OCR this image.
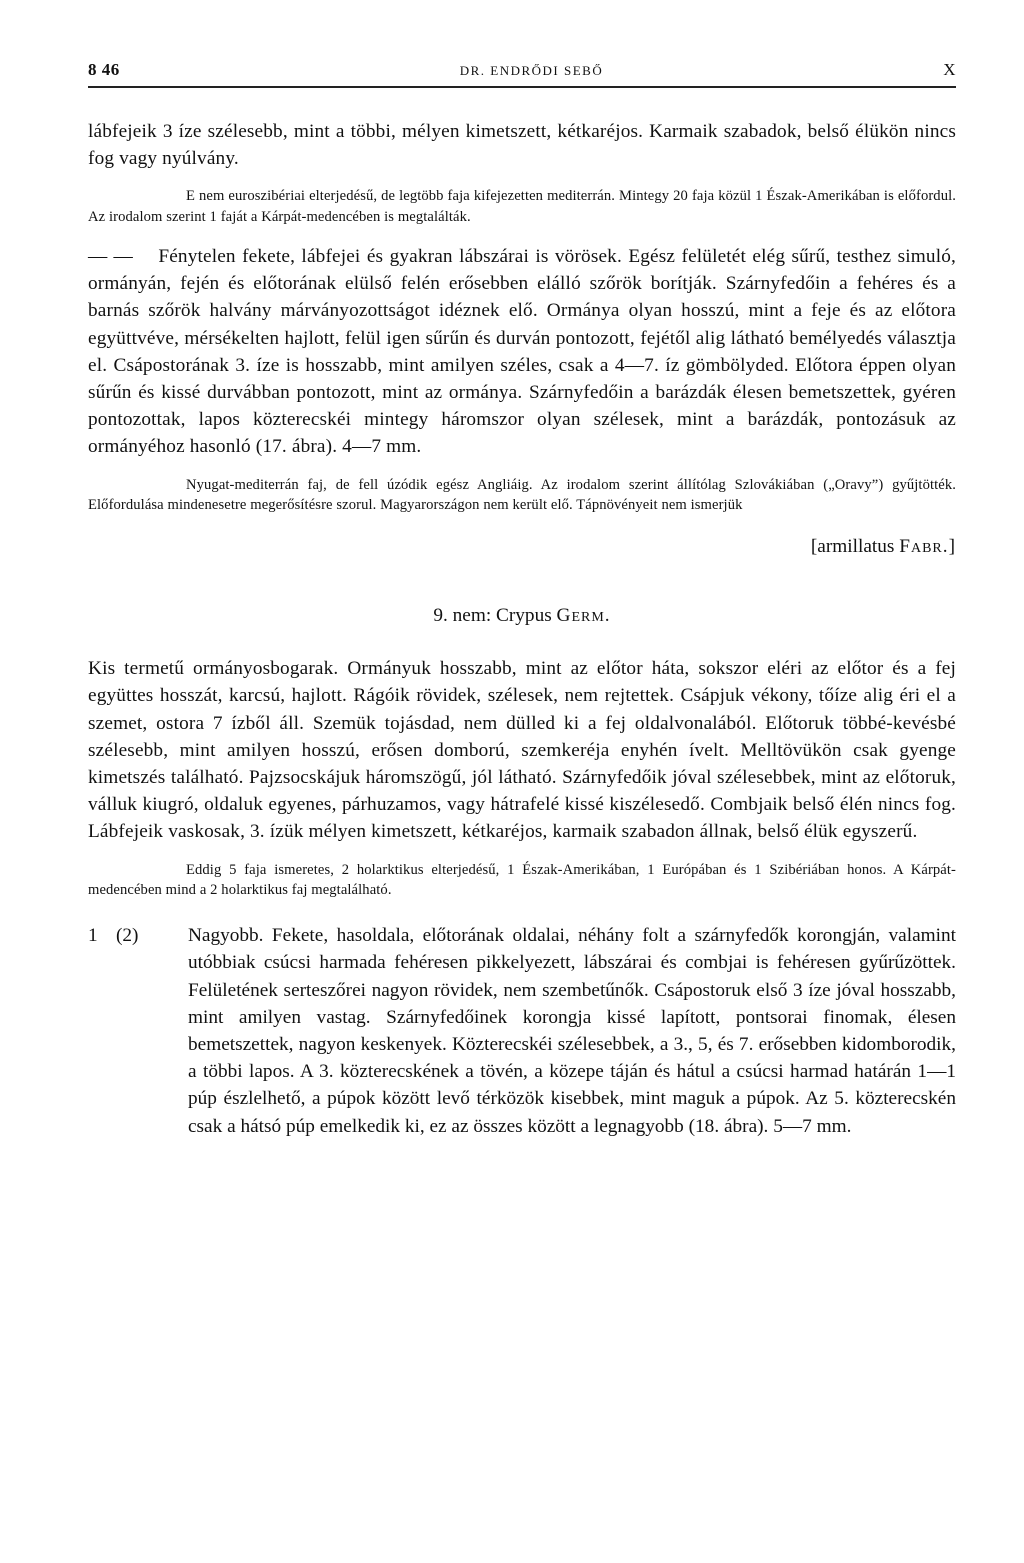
8 46	DR. ENDRŐDI SEBŐ	X

lábfejeik 3 íze szélesebb, mint a többi, mélyen kimetszett, kétkaréjos. Karmaik szabadok, belső élükön nincs fog vagy nyúlvány.

E nem euroszibériai elterjedésű, de legtöbb faja kifejezetten mediterrán. Mintegy 20 faja közül 1 Észak-Amerikában is előfordul. Az irodalom szerint 1 faját a Kárpát-medencében is megtalálták.

— — Fénytelen fekete, lábfejei és gyakran lábszárai is vörösek. Egész felületét elég sűrű, testhez simuló, ormányán, fején és előtorának elülső felén erősebben elálló szőrök borítják. Szárnyfedőin a fehéres és a barnás szőrök halvány márványozottságot idéznek elő. Ormánya olyan hosszú, mint a feje és az előtora együttvéve, mérsékelten hajlott, felül igen sűrűn és durván pontozott, fejétől alig látható bemélyedés választja el. Csápostorának 3. íze is hosszabb, mint amilyen széles, csak a 4—7. íz gömbölyded. Előtora éppen olyan sűrűn és kissé durvábban pontozott, mint az ormánya. Szárnyfedőin a barázdák élesen bemetszettek, gyéren pontozottak, lapos közterecskéi mintegy háromszor olyan szélesek, mint a barázdák, pontozásuk az ormányéhoz hasonló (17. ábra). 4—7 mm.

Nyugat-mediterrán faj, de fell úzódik egész Angliáig. Az irodalom szerint állítólag Szlovákiában („Oravy”) gyűjtötték. Előfordulása mindenesetre megerősítésre szorul. Magyarországon nem került elő. Tápnövényeit nem ismerjük

[armillatus Fabr.]

9. nem: Crypus Germ.

Kis termetű ormányosbogarak. Ormányuk hosszabb, mint az előtor háta, sokszor eléri az előtor és a fej együttes hosszát, karcsú, hajlott. Rágóik rövidek, szélesek, nem rejtettek. Csápjuk vékony, tőíze alig éri el a szemet, ostora 7 ízből áll. Szemük tojásdad, nem dülled ki a fej oldalvonalából. Előtoruk többé-kevésbé szélesebb, mint amilyen hosszú, erősen domború, szemkeréja enyhén ívelt. Melltövükön csak gyenge kimetszés található. Pajzsocskájuk háromszögű, jól látható. Szárnyfedőik jóval szélesebbek, mint az előtoruk, válluk kiugró, oldaluk egyenes, párhuzamos, vagy hátrafelé kissé kiszélesedő. Combjaik belső élén nincs fog. Lábfejeik vaskosak, 3. ízük mélyen kimetszett, kétkaréjos, karmaik szabadon állnak, belső élük egyszerű.

Eddig 5 faja ismeretes, 2 holarktikus elterjedésű, 1 Észak-Amerikában, 1 Európában és 1 Szibériában honos. A Kárpát-medencében mind a 2 holarktikus faj megtalálható.

1 (2)	Nagyobb. Fekete, hasoldala, előtorának oldalai, néhány folt a szárnyfedők korongján, valamint utóbbiak csúcsi harmada fehéresen pikkelyezett, lábszárai és combjai is fehéresen gyűrűzöttek. Felületének serteszőrei nagyon rövidek, nem szembetűnők. Csápostoruk első 3 íze jóval hosszabb, mint amilyen vastag. Szárnyfedőinek korongja kissé lapított, pontsorai finomak, élesen bemetszettek, nagyon keskenyek. Közterecskéi szélesebbek, a 3., 5, és 7. erősebben kidomborodik, a többi lapos. A 3. közterecskének a tövén, a közepe táján és hátul a csúcsi harmad határán 1—1 púp észlelhető, a púpok között levő térközök kisebbek, mint maguk a púpok. Az 5. közterecskén csak a hátsó púp emelkedik ki, ez az összes között a legnagyobb (18. ábra). 5—7 mm.
